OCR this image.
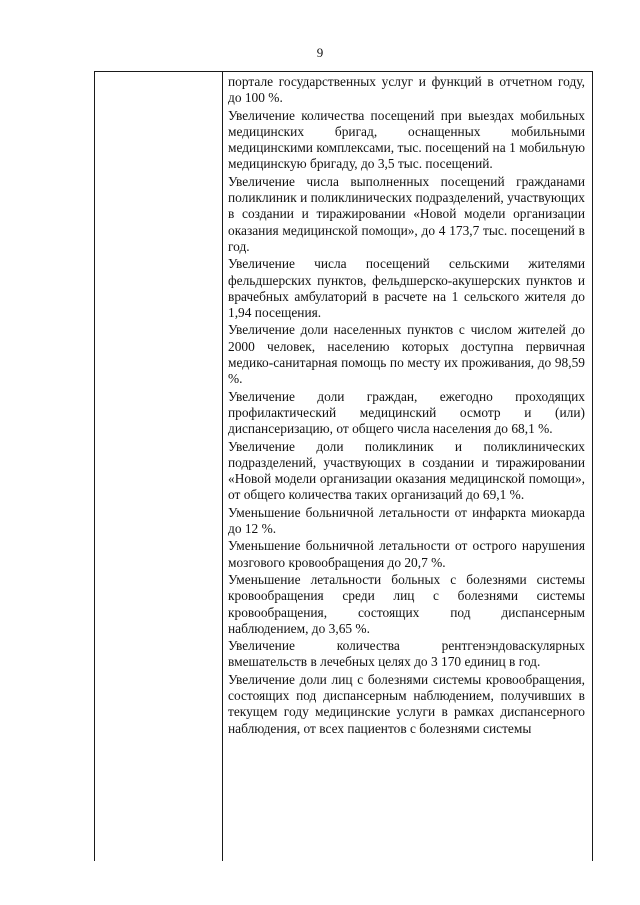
9

портале государственных услуг и функций в отчетном году, до 100 %.

Увеличение количества посещений при выездах мобильных медицинских бригад, оснащенных мобильными медицинскими комплексами, тыс. посещений на 1 мобильную медицинскую бригаду, до 3,5 тыс. посещений.

Увеличение числа выполненных посещений гражданами поликлиник и поликлинических подразделений, участвующих в создании и тиражировании «Новой модели организации оказания медицинской помощи», до 4 173,7 тыс. посещений в год.

Увеличение числа посещений сельскими жителями фельдшерских пунктов, фельдшерско-акушерских пунктов и врачебных амбулаторий в расчете на 1 сельского жителя до 1,94 посещения.

Увеличение доли населенных пунктов с числом жителей до 2000 человек, населению которых доступна первичная медико-санитарная помощь по месту их проживания, до 98,59 %.

Увеличение доли граждан, ежегодно проходящих профилактический медицинский осмотр и (или) диспансеризацию, от общего числа населения до 68,1 %.

Увеличение доли поликлиник и поликлинических подразделений, участвующих в создании и тиражировании «Новой модели организации оказания медицинской помощи», от общего количества таких организаций до 69,1 %.

Уменьшение больничной летальности от инфаркта миокарда до 12 %.

Уменьшение больничной летальности от острого нарушения мозгового кровообращения до 20,7 %.

Уменьшение летальности больных с болезнями системы кровообращения среди лиц с болезнями системы кровообращения, состоящих под диспансерным наблюдением, до 3,65 %.

Увеличение количества рентгенэндоваскулярных вмешательств в лечебных целях до 3 170 единиц в год.

Увеличение доли лиц с болезнями системы кровообращения, состоящих под диспансерным наблюдением, получивших в текущем году медицинские услуги в рамках диспансерного наблюдения, от всех пациентов с болезнями системы
